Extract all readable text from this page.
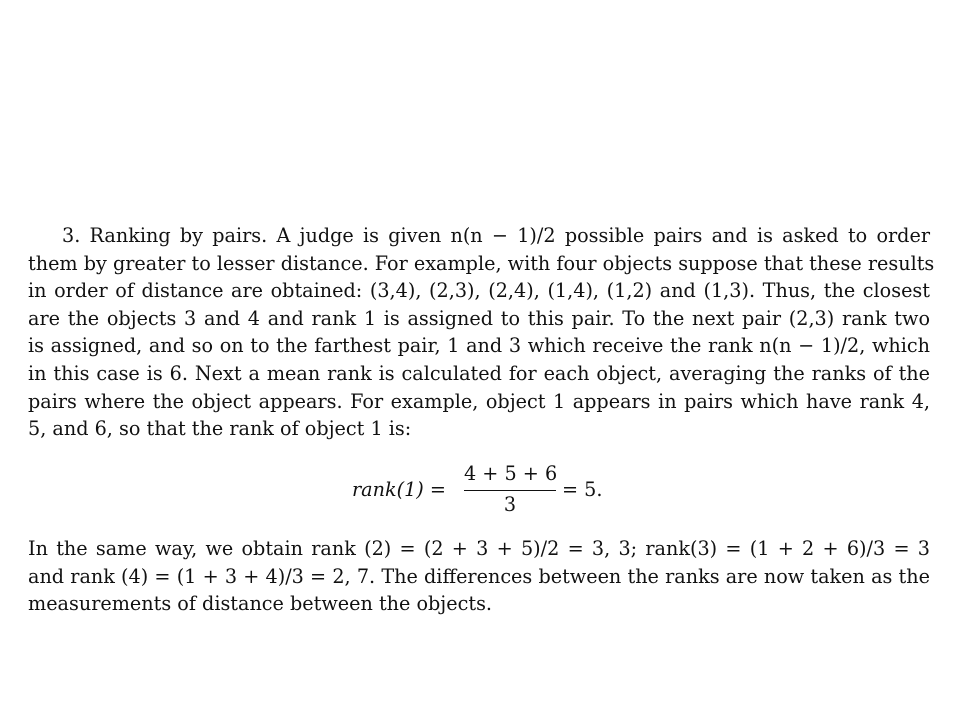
3. Ranking by pairs. A judge is given n(n − 1)/2 possible pairs and is asked to order
them by greater to lesser distance. For example, with four objects suppose that these results
in order of distance are obtained: (3,4), (2,3), (2,4), (1,4), (1,2) and (1,3). Thus, the closest
are the objects 3 and 4 and rank 1 is assigned to this pair. To the next pair (2,3) rank two
is assigned, and so on to the farthest pair, 1 and 3 which receive the rank n(n − 1)/2, which
in this case is 6. Next a mean rank is calculated for each object, averaging the ranks of the
pairs where the object appears. For example, object 1 appears in pairs which have rank 4,
5, and 6, so that the rank of object 1 is:
rank(1) =
4 + 5 + 6
3
= 5.
In the same way, we obtain rank (2) = (2 + 3 + 5)/2 = 3, 3; rank(3) = (1 + 2 + 6)/3 = 3
and rank (4) = (1 + 3 + 4)/3 = 2, 7. The differences between the ranks are now taken as the
measurements of distance between the objects.
